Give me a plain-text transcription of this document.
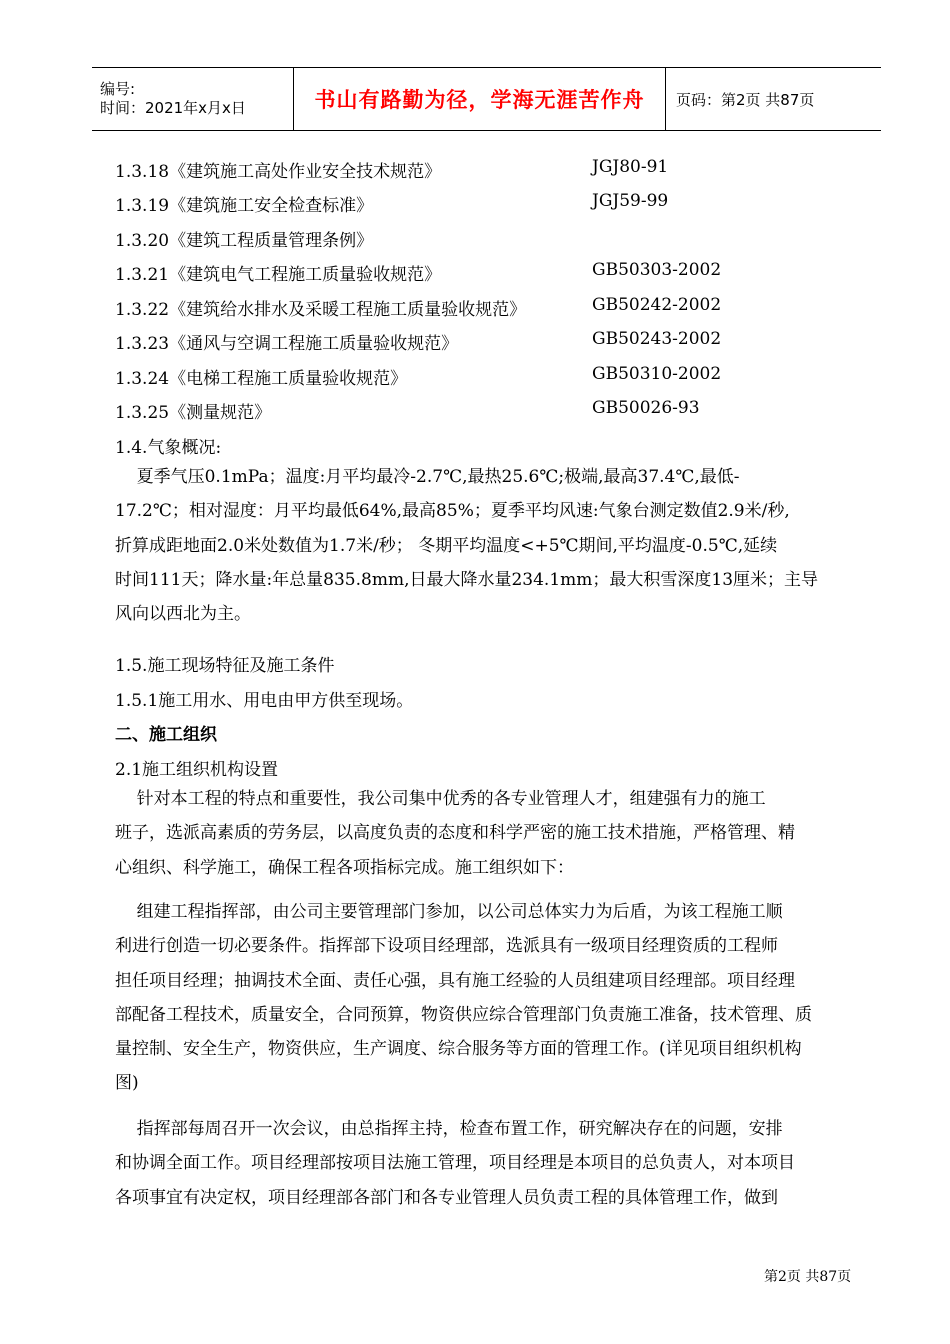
编号:
时间：2021年x月x日	书山有路勤为径，学海无涯苦作舟	页码：第2页 共87页
1.3.18《建筑施工高处作业安全技术规范》	JGJ80-91
1.3.19《建筑施工安全检查标准》	JGJ59-99
1.3.20《建筑工程质量管理条例》
1.3.21《建筑电气工程施工质量验收规范》	GB50303-2002
1.3.22《建筑给水排水及采暖工程施工质量验收规范》	GB50242-2002
1.3.23《通风与空调工程施工质量验收规范》	GB50243-2002
1.3.24《电梯工程施工质量验收规范》	GB50310-2002
1.3.25《测量规范》	GB50026-93
1.4.气象概况:
夏季气压0.1mPa；温度:月平均最冷-2.7℃,最热25.6℃;极端,最高37.4℃,最低-
17.2℃；相对湿度：月平均最低64%,最高85%；夏季平均风速:气象台测定数值2.9米/秒,
折算成距地面2.0米处数值为1.7米/秒； 冬期平均温度<+5℃期间,平均温度-0.5℃,延续
时间111天；降水量:年总量835.8mm,日最大降水量234.1mm；最大积雪深度13厘米；主导
风向以西北为主。
1.5.施工现场特征及施工条件
1.5.1施工用水、用电由甲方供至现场。
二、施工组织
2.1施工组织机构设置
针对本工程的特点和重要性，我公司集中优秀的各专业管理人才，组建强有力的施工
班子，选派高素质的劳务层，以高度负责的态度和科学严密的施工技术措施，严格管理、精
心组织、科学施工，确保工程各项指标完成。施工组织如下：
组建工程指挥部，由公司主要管理部门参加，以公司总体实力为后盾，为该工程施工顺
利进行创造一切必要条件。指挥部下设项目经理部，选派具有一级项目经理资质的工程师
担任项目经理；抽调技术全面、责任心强，具有施工经验的人员组建项目经理部。项目经理
部配备工程技术，质量安全，合同预算，物资供应综合管理部门负责施工准备，技术管理、质
量控制、安全生产，物资供应，生产调度、综合服务等方面的管理工作。(详见项目组织机构
图)
指挥部每周召开一次会议，由总指挥主持，检查布置工作，研究解决存在的问题，安排
和协调全面工作。项目经理部按项目法施工管理，项目经理是本项目的总负责人，对本项目
各项事宜有决定权，项目经理部各部门和各专业管理人员负责工程的具体管理工作，做到
第2页 共87页
